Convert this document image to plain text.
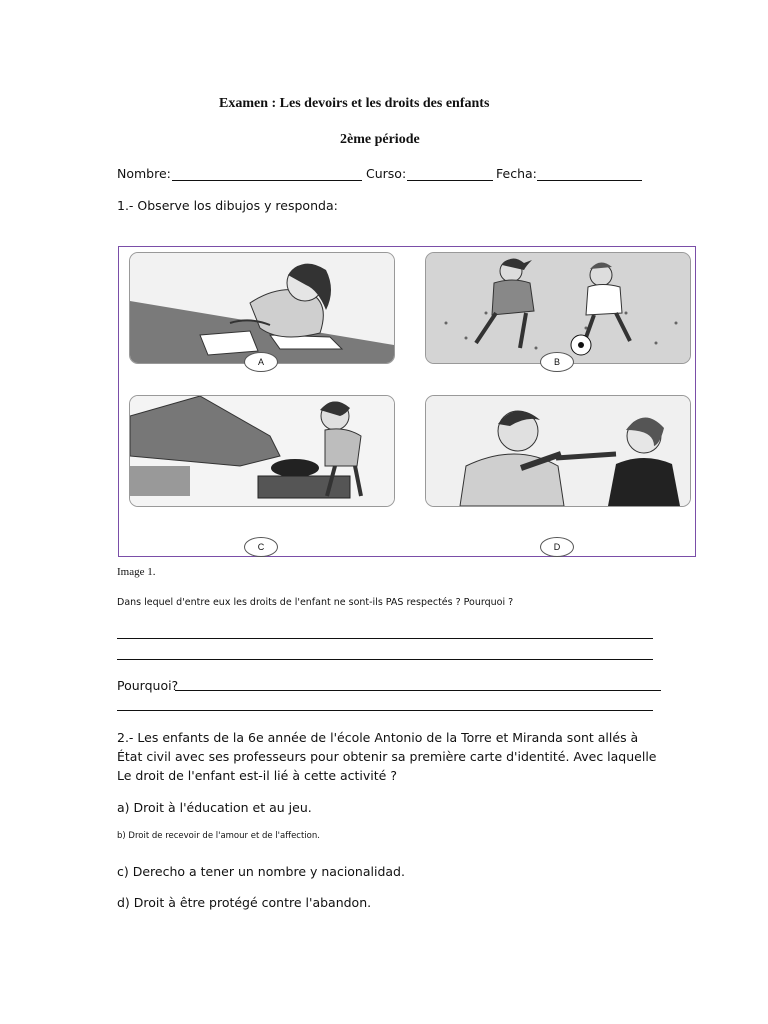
Examen : Les devoirs et les droits des enfants
2ème période
Nombre:	Curso:	Fecha:
1.- Observe los dibujos y responda:
A	B
C	D
Image 1.
Dans lequel d'entre eux les droits de l'enfant ne sont-ils PAS respectés ? Pourquoi ?
Pourquoi?
2.- Les enfants de la 6e année de l'école Antonio de la Torre et Miranda sont allés à
État civil avec ses professeurs pour obtenir sa première carte d'identité. Avec laquelle
Le droit de l'enfant est-il lié à cette activité ?
a) Droit à l'éducation et au jeu.
b) Droit de recevoir de l'amour et de l'affection.
c) Derecho a tener un nombre y nacionalidad.
d) Droit à être protégé contre l'abandon.
